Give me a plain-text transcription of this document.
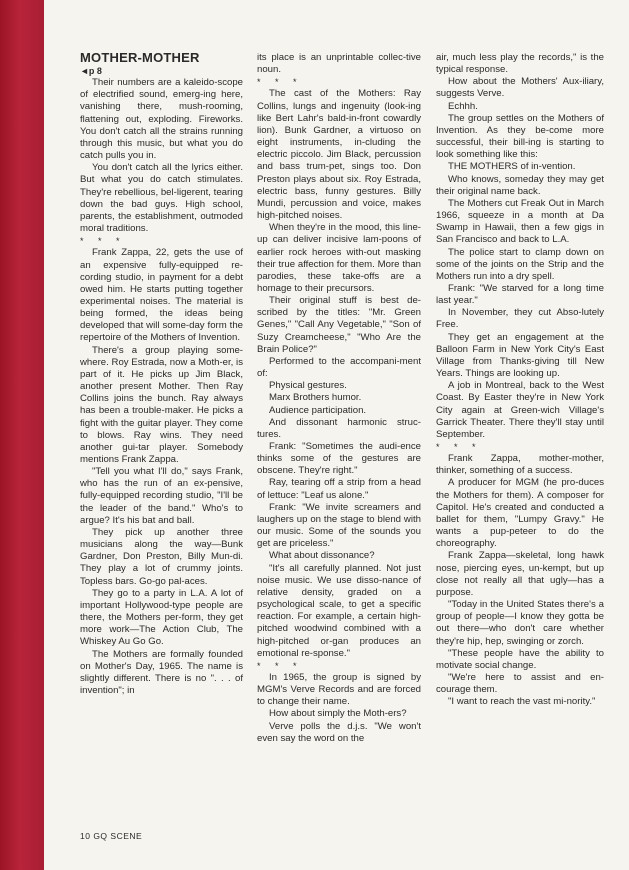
MOTHER-MOTHER

◄p 8

Their numbers are a kaleido-scope of electrified sound, emerg-ing here, vanishing there, mush-rooming, flattening out, exploding. Fireworks. You don't catch all the strains running through this music, but what you do catch pulls you in.

You don't catch all the lyrics either. But what you do catch stimulates. They're rebellious, bel-ligerent, tearing down the bad guys. High school, parents, the establishment, outmoded moral traditions.

* * *

Frank Zappa, 22, gets the use of an expensive fully-equipped re-cording studio, in payment for a debt owed him. He starts putting together experimental noises. The material is being formed, the ideas being developed that will some-day form the repertoire of the Mothers of Invention.

There's a group playing some-where. Roy Estrada, now a Moth-er, is part of it. He picks up Jim Black, another present Mother. Then Ray Collins joins the bunch. Ray always has been a trouble-maker. He picks a fight with the guitar player. They come to blows. Ray wins. They need another gui-tar player. Somebody mentions Frank Zappa.

"Tell you what I'll do," says Frank, who has the run of an ex-pensive, fully-equipped recording studio, "I'll be the leader of the band." Who's to argue? It's his bat and ball.

They pick up another three musicians along the way—Bunk Gardner, Don Preston, Billy Mun-di. They play a lot of crummy joints. Topless bars. Go-go pal-aces.

They go to a party in L.A. A lot of important Hollywood-type people are there, the Mothers per-form, they get more work—The Action Club, The Whiskey Au Go Go.

The Mothers are formally founded on Mother's Day, 1965. The name is slightly different. There is no ". . . of invention"; in

its place is an unprintable collec-tive noun.

* * *

The cast of the Mothers: Ray Collins, lungs and ingenuity (look-ing like Bert Lahr's bald-in-front cowardly lion). Bunk Gardner, a virtuoso on eight instruments, in-cluding the electric piccolo. Jim Black, percussion and bass trum-pet, sings too. Don Preston plays about six. Roy Estrada, electric bass, funny gestures. Billy Mundi, percussion and voice, makes high-pitched noises.

When they're in the mood, this line-up can deliver incisive lam-poons of earlier rock heroes with-out masking their true affection for them. More than parodies, these take-offs are a homage to their precursors.

Their original stuff is best de-scribed by the titles: "Mr. Green Genes," "Call Any Vegetable," "Son of Suzy Creamcheese," "Who Are the Brain Police?"

Performed to the accompani-ment of:

Physical gestures.

Marx Brothers humor.

Audience participation.

And dissonant harmonic struc-tures.

Frank: "Sometimes the audi-ence thinks some of the gestures are obscene. They're right."

Ray, tearing off a strip from a head of lettuce: "Leaf us alone."

Frank: "We invite screamers and laughers up on the stage to blend with our music. Some of the sounds you get are priceless."

What about dissonance?

"It's all carefully planned. Not just noise music. We use disso-nance of relative density, graded on a psychological scale, to get a specific reaction. For example, a certain high-pitched woodwind combined with a high-pitched or-gan produces an emotional re-sponse."

* * *

In 1965, the group is signed by MGM's Verve Records and are forced to change their name.

How about simply the Moth-ers?

Verve polls the d.j.s. "We won't even say the word on the

air, much less play the records," is the typical response.

How about the Mothers' Aux-iliary, suggests Verve.

Echhh.

The group settles on the Mothers of Invention. As they be-come more successful, their bill-ing is starting to look something like this:

THE MOTHERS of in-vention.

Who knows, someday they may get their original name back.

The Mothers cut Freak Out in March 1966, squeeze in a month at Da Swamp in Hawaii, then a few gigs in San Francisco and back to L.A.

The police start to clamp down on some of the joints on the Strip and the Mothers run into a dry spell.

Frank: "We starved for a long time last year."

In November, they cut Abso-lutely Free.

They get an engagement at the Balloon Farm in New York City's East Village from Thanks-giving till New Years. Things are looking up.

A job in Montreal, back to the West Coast. By Easter they're in New York City again at Green-wich Village's Garrick Theater. There they'll stay until September.

* * *

Frank Zappa, mother-mother, thinker, something of a success.

A producer for MGM (he pro-duces the Mothers for them). A composer for Capitol. He's created and conducted a ballet for them, "Lumpy Gravy." He wants a pup-peteer to do the choreography.

Frank Zappa—skeletal, long hawk nose, piercing eyes, un-kempt, but up close not really all that ugly—has a purpose.

"Today in the United States there's a group of people—I know they gotta be out there—who don't care whether they're hip, hep, swinging or zorch.

"These people have the ability to motivate social change.

"We're here to assist and en-courage them.

"I want to reach the vast mi-nority."

10 GQ SCENE
